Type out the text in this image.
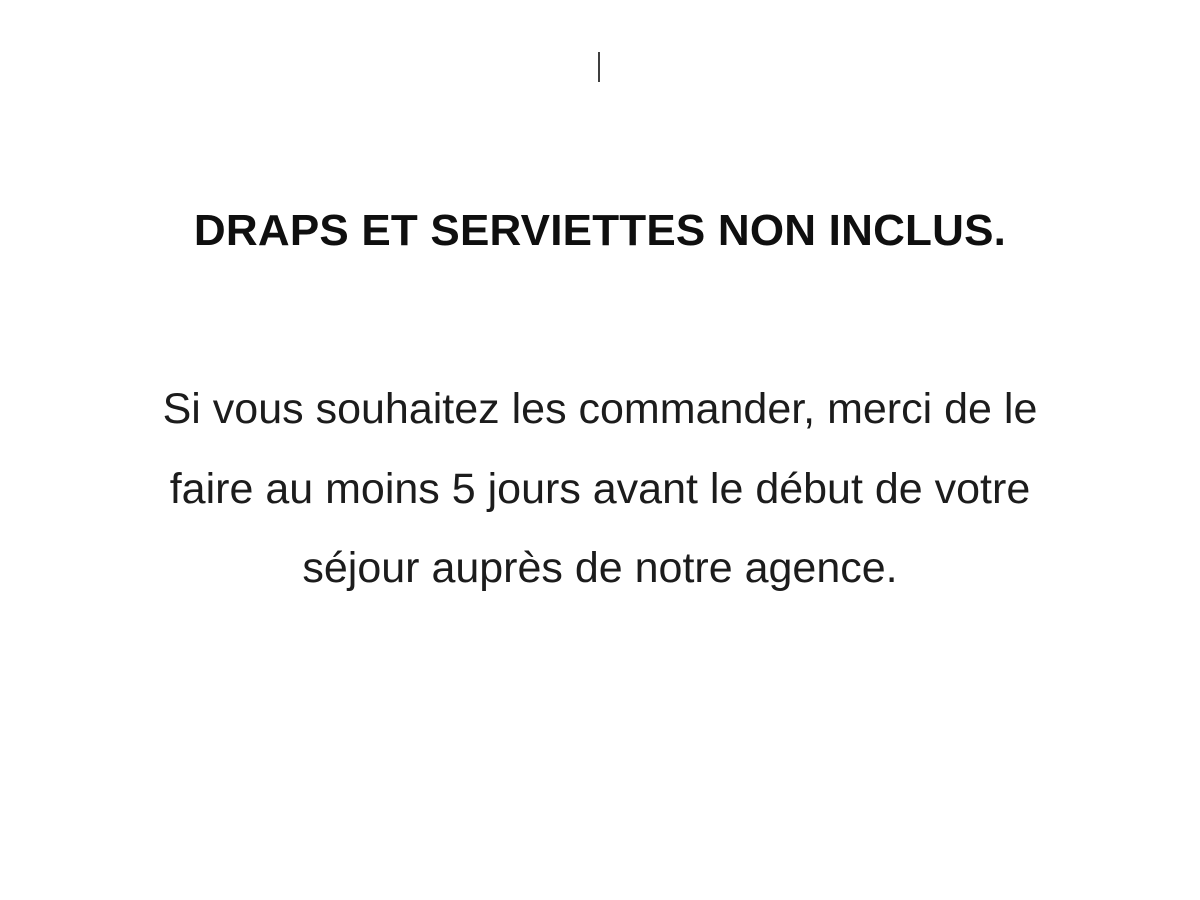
DRAPS ET SERVIETTES NON INCLUS.
Si vous souhaitez les commander, merci de le
faire au moins 5 jours avant le début de votre
séjour auprès de notre agence.
